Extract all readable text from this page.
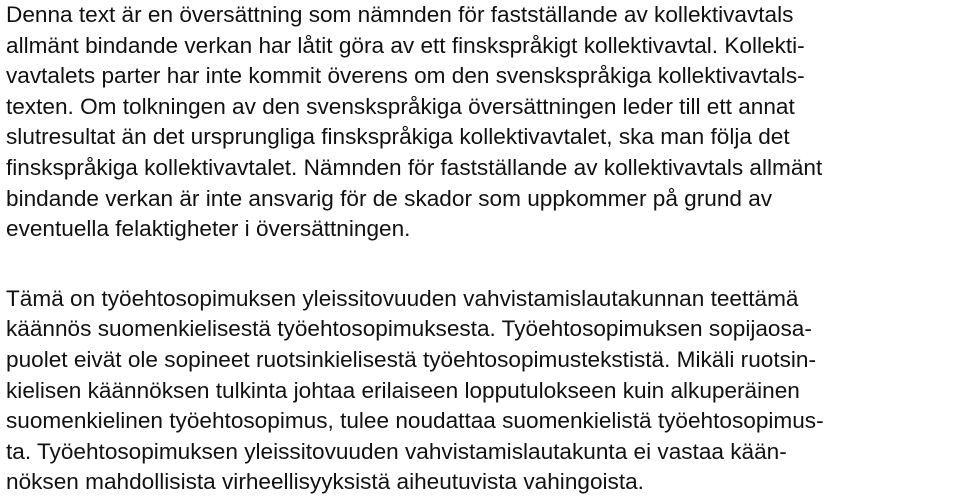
Denna text är en översättning som nämnden för fastställande av kollektivavtals
allmänt bindande verkan har låtit göra av ett finskspråkigt kollektivavtal. Kollekti-
vavtalets parter har inte kommit överens om den svenskspråkiga kollektivavtals-
texten. Om tolkningen av den svenskspråkiga översättningen leder till ett annat
slutresultat än det ursprungliga finskspråkiga kollektivavtalet, ska man följa det
finskspråkiga kollektivavtalet. Nämnden för fastställande av kollektivavtals allmänt
bindande verkan är inte ansvarig för de skador som uppkommer på grund av
eventuella felaktigheter i översättningen.
Tämä on työehtosopimuksen yleissitovuuden vahvistamislautakunnan teettämä
käännös suomenkielisestä työehtosopimuksesta. Työehtosopimuksen sopijaosa-
puolet eivät ole sopineet ruotsinkielisestä työehtosopimustekstistä. Mikäli ruotsin-
kielisen käännöksen tulkinta johtaa erilaiseen lopputulokseen kuin alkuperäinen
suomenkielinen työehtosopimus, tulee noudattaa suomenkielistä työehtosopimus-
ta. Työehtosopimuksen yleissitovuuden vahvistamislautakunta ei vastaa kään-
nöksen mahdollisista virheellisyyksistä aiheutuvista vahingoista.
